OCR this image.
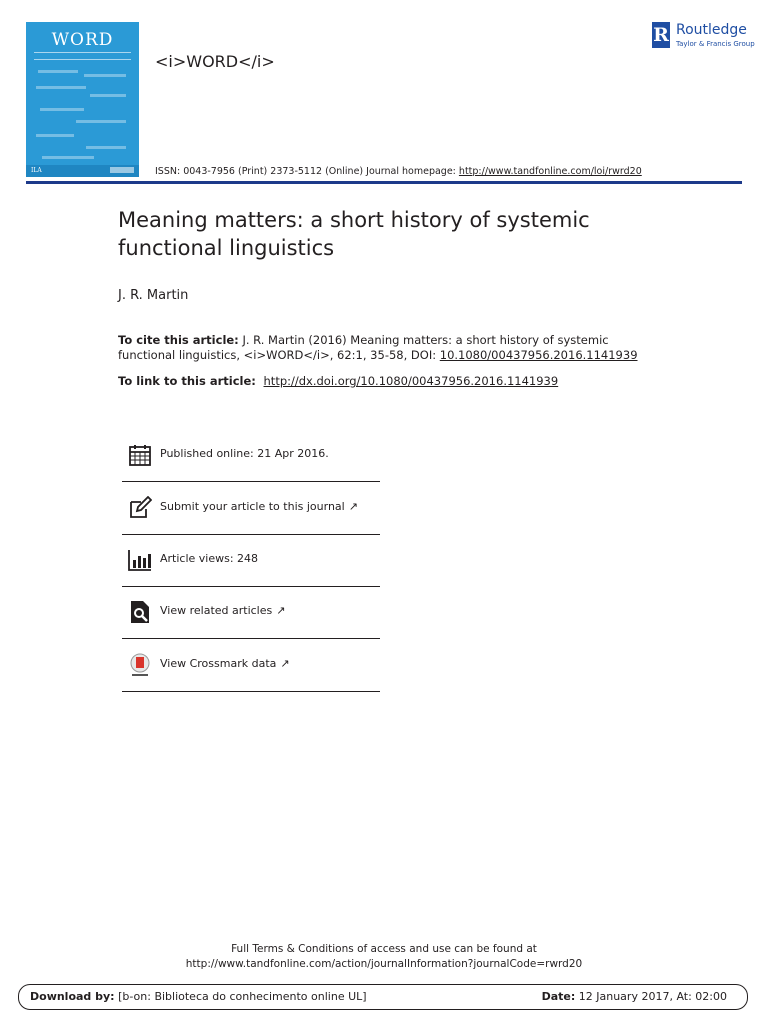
WORD
ILA
<i>WORD</i>
R Routledge
Taylor & Francis Group
ISSN: 0043-7956 (Print) 2373-5112 (Online) Journal homepage: http://www.tandfonline.com/loi/rwrd20
Meaning matters: a short history of systemic functional linguistics
J. R. Martin
To cite this article: J. R. Martin (2016) Meaning matters: a short history of systemic functional linguistics, <i>WORD</i>, 62:1, 35-58, DOI: 10.1080/00437956.2016.1141939
To link to this article:  http://dx.doi.org/10.1080/00437956.2016.1141939
Published online: 21 Apr 2016.
Submit your article to this journal ↗
Article views: 248
View related articles ↗
View Crossmark data ↗
Full Terms & Conditions of access and use can be found at
http://www.tandfonline.com/action/journalInformation?journalCode=rwrd20
Download by: [b-on: Biblioteca do conhecimento online UL]	Date: 12 January 2017, At: 02:00
